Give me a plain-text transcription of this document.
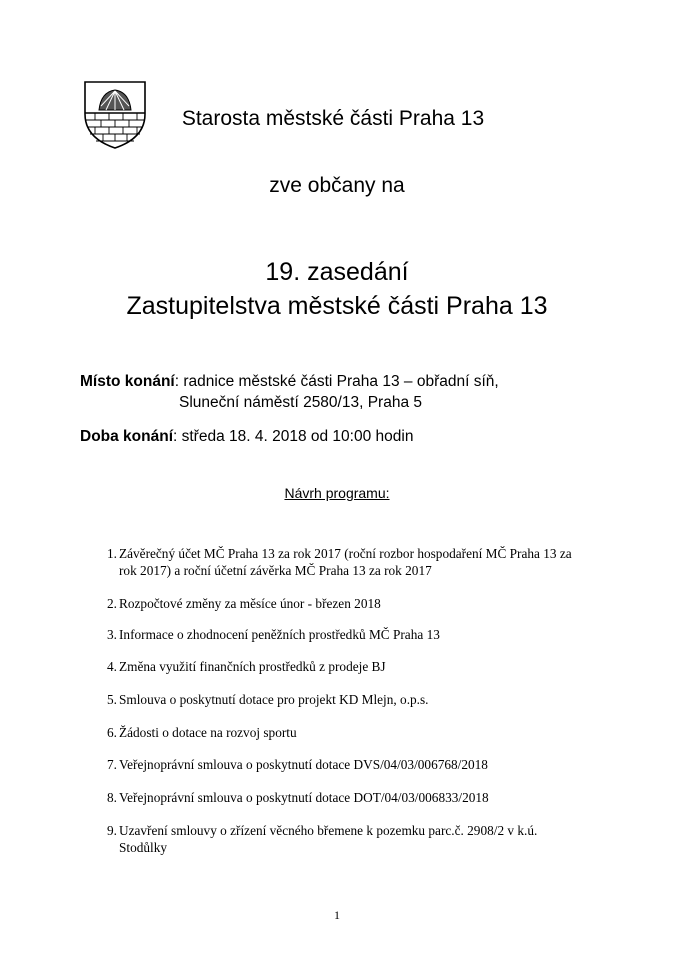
Starosta městské části Praha 13
zve občany na
19. zasedání
Zastupitelstva městské části Praha 13
Místo konání: radnice městské části Praha 13 – obřadní síň,
Sluneční náměstí 2580/13, Praha 5
Doba konání: středa 18. 4. 2018 od 10:00 hodin
Návrh programu:
1. Závěrečný účet MČ Praha 13 za rok 2017 (roční rozbor hospodaření MČ Praha 13 za
rok 2017) a roční účetní závěrka MČ Praha 13 za rok 2017
2. Rozpočtové změny za měsíce únor - březen 2018
3. Informace o zhodnocení peněžních prostředků MČ Praha 13
4. Změna využití finančních prostředků z prodeje BJ
5. Smlouva o poskytnutí dotace pro projekt KD Mlejn, o.p.s.
6. Žádosti o dotace na rozvoj sportu
7. Veřejnoprávní smlouva o poskytnutí dotace DVS/04/03/006768/2018
8. Veřejnoprávní smlouva o poskytnutí dotace DOT/04/03/006833/2018
9. Uzavření smlouvy o zřízení věcného břemene k pozemku parc.č. 2908/2 v k.ú.
Stodůlky
1
